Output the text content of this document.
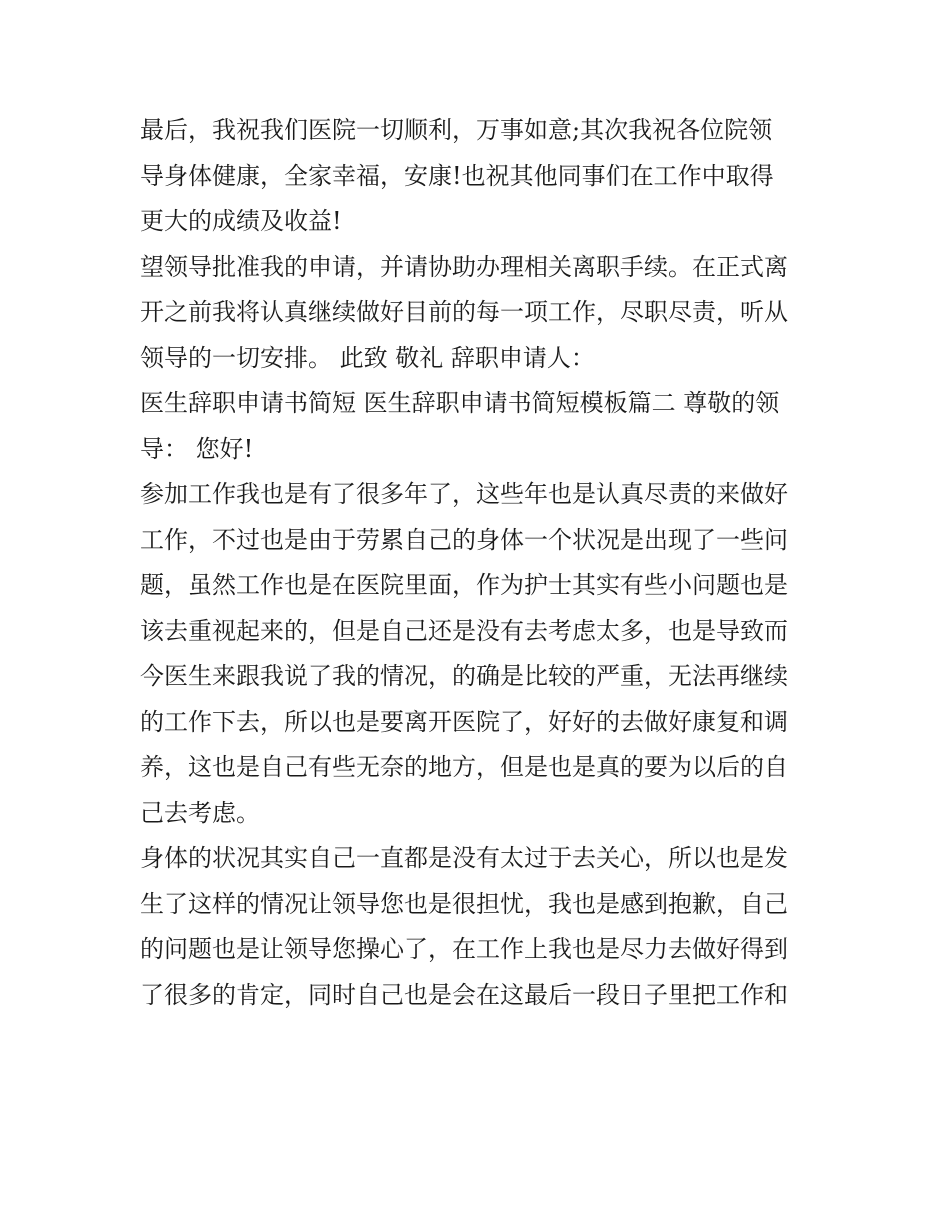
最后，我祝我们医院一切顺利，万事如意;其次我祝各位院领
导身体健康，全家幸福，安康!也祝其他同事们在工作中取得
更大的成绩及收益!
望领导批准我的申请，并请协助办理相关离职手续。在正式离
开之前我将认真继续做好目前的每一项工作，尽职尽责，听从
领导的一切安排。 此致 敬礼 辞职申请人：
医生辞职申请书简短 医生辞职申请书简短模板篇二 尊敬的领
导： 您好!
参加工作我也是有了很多年了，这些年也是认真尽责的来做好
工作，不过也是由于劳累自己的身体一个状况是出现了一些问
题，虽然工作也是在医院里面，作为护士其实有些小问题也是
该去重视起来的，但是自己还是没有去考虑太多，也是导致而
今医生来跟我说了我的情况，的确是比较的严重，无法再继续
的工作下去，所以也是要离开医院了，好好的去做好康复和调
养，这也是自己有些无奈的地方，但是也是真的要为以后的自
己去考虑。
身体的状况其实自己一直都是没有太过于去关心，所以也是发
生了这样的情况让领导您也是很担忧，我也是感到抱歉，自己
的问题也是让领导您操心了，在工作上我也是尽力去做好得到
了很多的肯定，同时自己也是会在这最后一段日子里把工作和
